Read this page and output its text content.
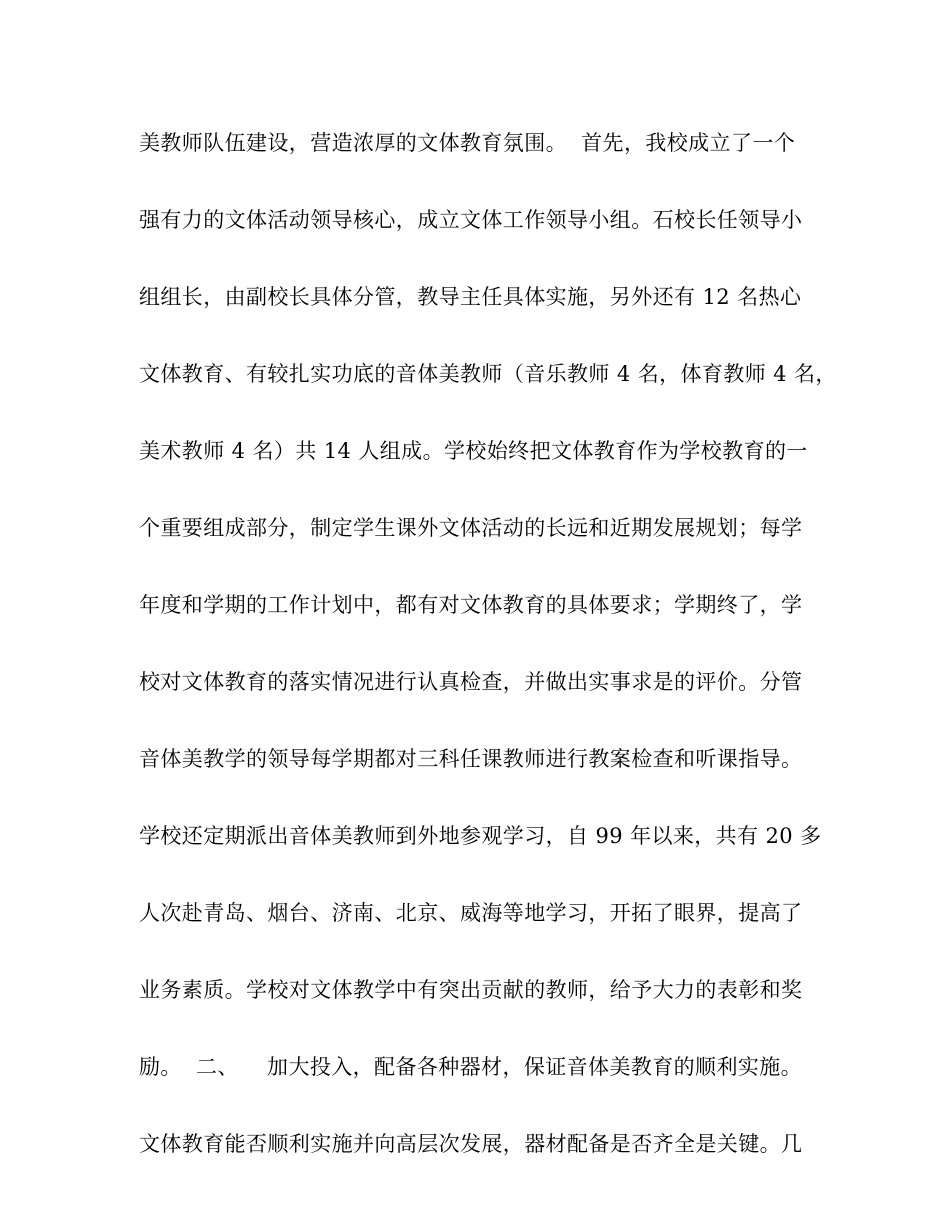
美教师队伍建设，营造浓厚的文体教育氛围。  首先，我校成立了一个
强有力的文体活动领导核心，成立文体工作领导小组。石校长任领导小
组组长，由副校长具体分管，教导主任具体实施，另外还有 12 名热心
文体教育、有较扎实功底的音体美教师（音乐教师 4 名，体育教师 4 名，
美术教师 4 名）共 14 人组成。学校始终把文体教育作为学校教育的一
个重要组成部分，制定学生课外文体活动的长远和近期发展规划；每学
年度和学期的工作计划中，都有对文体教育的具体要求；学期终了，学
校对文体教育的落实情况进行认真检查，并做出实事求是的评价。分管
音体美教学的领导每学期都对三科任课教师进行教案检查和听课指导。
学校还定期派出音体美教师到外地参观学习，自 99 年以来，共有 20 多
人次赴青岛、烟台、济南、北京、威海等地学习，开拓了眼界，提高了
业务素质。学校对文体教学中有突出贡献的教师，给予大力的表彰和奖
励。  二、    加大投入，配备各种器材，保证音体美教育的顺利实施。
文体教育能否顺利实施并向高层次发展，器材配备是否齐全是关键。几
